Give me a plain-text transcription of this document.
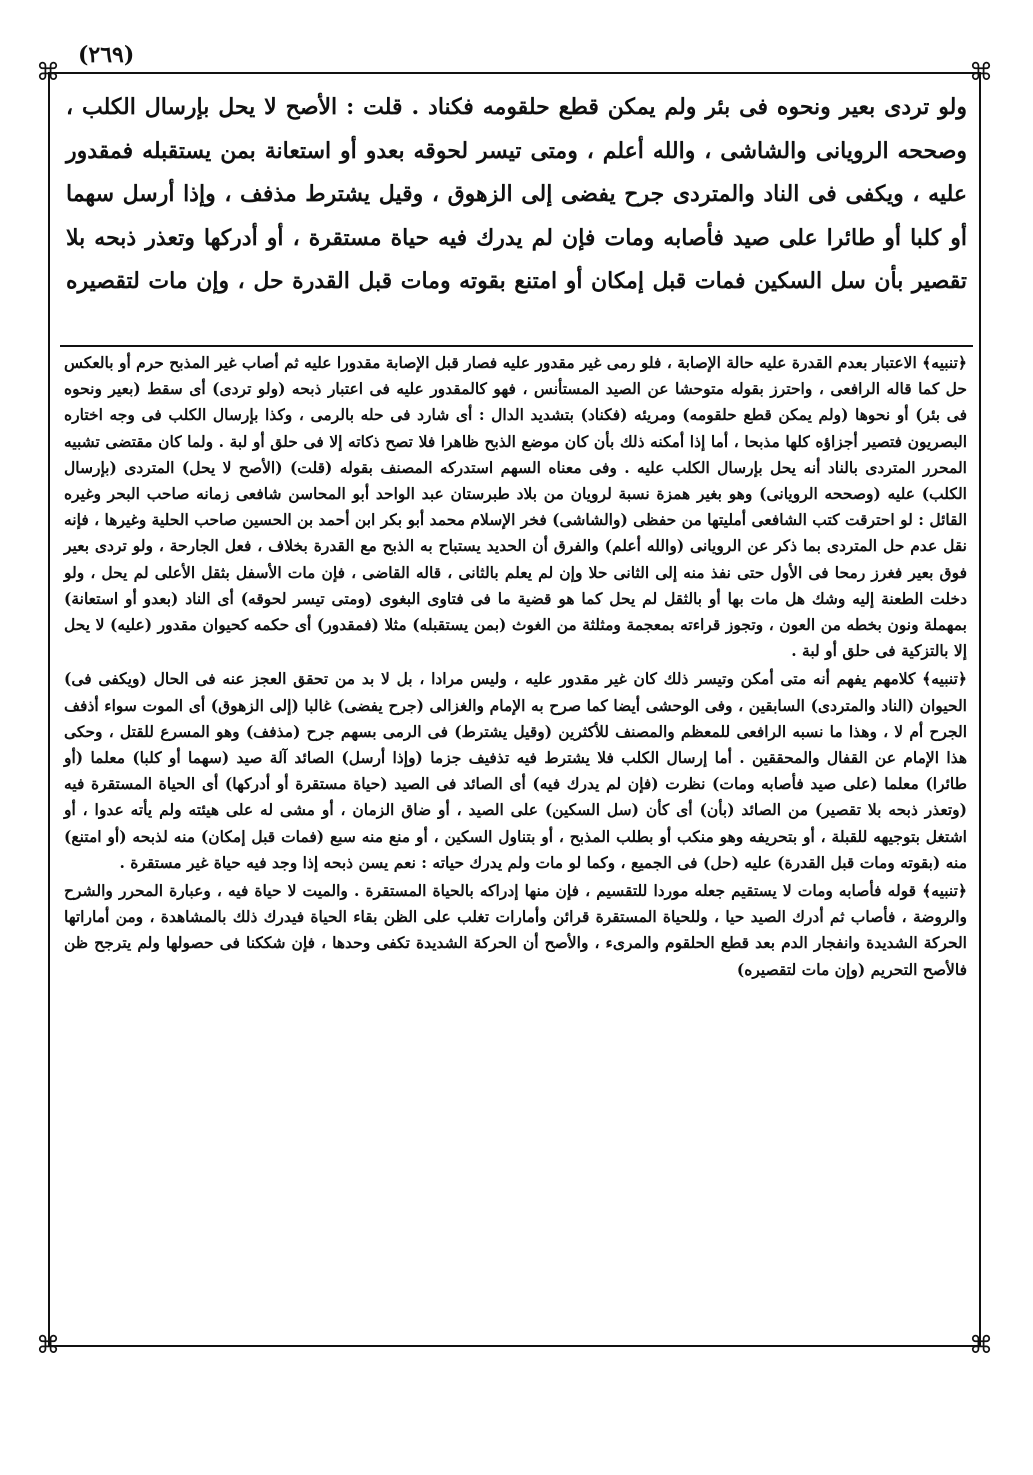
⌘	⌘
⌘	⌘
(٢٦٩)

ولو تردى بعير ونحوه فى بئر ولم يمكن قطع حلقومه فكناد . قلت : الأصح لا يحل بإرسال الكلب ، وصححه الرويانى والشاشى ، والله أعلم ، ومتى تيسر لحوقه بعدو أو استعانة بمن يستقبله فمقدور عليه ، ويكفى فى الناد والمتردى جرح يفضى إلى الزهوق ، وقيل يشترط مذفف ، وإذا أرسل سهما أو كلبا أو طائرا على صيد فأصابه ومات فإن لم يدرك فيه حياة مستقرة ، أو أدركها وتعذر ذبحه بلا تقصير بأن سل السكين فمات قبل إمكان أو امتنع بقوته ومات قبل القدرة حل ، وإن مات لتقصيره

﴿تنبيه﴾ الاعتبار بعدم القدرة عليه حالة الإصابة ، فلو رمى غير مقدور عليه فصار قبل الإصابة مقدورا عليه ثم أصاب غير المذبح حرم أو بالعكس حل كما قاله الرافعى ، واحترز بقوله متوحشا عن الصيد المستأنس ، فهو كالمقدور عليه فى اعتبار ذبحه (ولو تردى) أى سقط (بعير ونحوه فى بئر) أو نحوها (ولم يمكن قطع حلقومه) ومريئه (فكناد) بتشديد الدال : أى شارد فى حله بالرمى ، وكذا بإرسال الكلب فى وجه اختاره البصريون فتصير أجزاؤه كلها مذبحا ، أما إذا أمكنه ذلك بأن كان موضع الذبح ظاهرا فلا تصح ذكاته إلا فى حلق أو لبة . ولما كان مقتضى تشبيه المحرر المتردى بالناد أنه يحل بإرسال الكلب عليه . وفى معناه السهم استدركه المصنف بقوله (قلت) (الأصح لا يحل) المتردى (بإرسال الكلب) عليه (وصححه الرويانى) وهو بغير همزة نسبة لرويان من بلاد طبرستان عبد الواحد أبو المحاسن شافعى زمانه صاحب البحر وغيره القائل : لو احترقت كتب الشافعى أمليتها من حفظى (والشاشى) فخر الإسلام محمد أبو بكر ابن أحمد بن الحسين صاحب الحلية وغيرها ، فإنه نقل عدم حل المتردى بما ذكر عن الرويانى (والله أعلم) والفرق أن الحديد يستباح به الذبح مع القدرة بخلاف ، فعل الجارحة ، ولو تردى بعير فوق بعير فغرز رمحا فى الأول حتى نفذ منه إلى الثانى حلا وإن لم يعلم بالثانى ، قاله القاضى ، فإن مات الأسفل بثقل الأعلى لم يحل ، ولو دخلت الطعنة إليه وشك هل مات بها أو بالثقل لم يحل كما هو قضية ما فى فتاوى البغوى (ومتى تيسر لحوقه) أى الناد (بعدو أو استعانة) بمهملة ونون بخطه من العون ، وتجوز قراءته بمعجمة ومثلثة من الغوث (بمن يستقبله) مثلا (فمقدور) أى حكمه كحيوان مقدور (عليه) لا يحل إلا بالتزكية فى حلق أو لبة .

﴿تنبيه﴾ كلامهم يفهم أنه متى أمكن وتيسر ذلك كان غير مقدور عليه ، وليس مرادا ، بل لا بد من تحقق العجز عنه فى الحال (ويكفى فى) الحيوان (الناد والمتردى) السابقين ، وفى الوحشى أيضا كما صرح به الإمام والغزالى (جرح يفضى) غالبا (إلى الزهوق) أى الموت سواء أذفف الجرح أم لا ، وهذا ما نسبه الرافعى للمعظم والمصنف للأكثرين (وقيل يشترط) فى الرمى بسهم جرح (مذفف) وهو المسرع للقتل ، وحكى هذا الإمام عن القفال والمحققين . أما إرسال الكلب فلا يشترط فيه تذفيف جزما (وإذا أرسل) الصائد آلة صيد (سهما أو كلبا) معلما (أو طائرا) معلما (على صيد فأصابه ومات) نظرت (فإن لم يدرك فيه) أى الصائد فى الصيد (حياة مستقرة أو أدركها) أى الحياة المستقرة فيه (وتعذر ذبحه بلا تقصير) من الصائد (بأن) أى كأن (سل السكين) على الصيد ، أو ضاق الزمان ، أو مشى له على هيئته ولم يأته عدوا ، أو اشتغل بتوجيهه للقبلة ، أو بتحريفه وهو منكب أو بطلب المذبح ، أو بتناول السكين ، أو منع منه سبع (فمات قبل إمكان) منه لذبحه (أو امتنع) منه (بقوته ومات قبل القدرة) عليه (حل) فى الجميع ، وكما لو مات ولم يدرك حياته : نعم يسن ذبحه إذا وجد فيه حياة غير مستقرة .

﴿تنبيه﴾ قوله فأصابه ومات لا يستقيم جعله موردا للتقسيم ، فإن منها إدراكه بالحياة المستقرة . والميت لا حياة فيه ، وعبارة المحرر والشرح والروضة ، فأصاب ثم أدرك الصيد حيا ، وللحياة المستقرة قرائن وأمارات تغلب على الظن بقاء الحياة فيدرك ذلك بالمشاهدة ، ومن أماراتها الحركة الشديدة وانفجار الدم بعد قطع الحلقوم والمرىء ، والأصح أن الحركة الشديدة تكفى وحدها ، فإن شككنا فى حصولها ولم يترجح ظن فالأصح التحريم (وإن مات لتقصيره)
